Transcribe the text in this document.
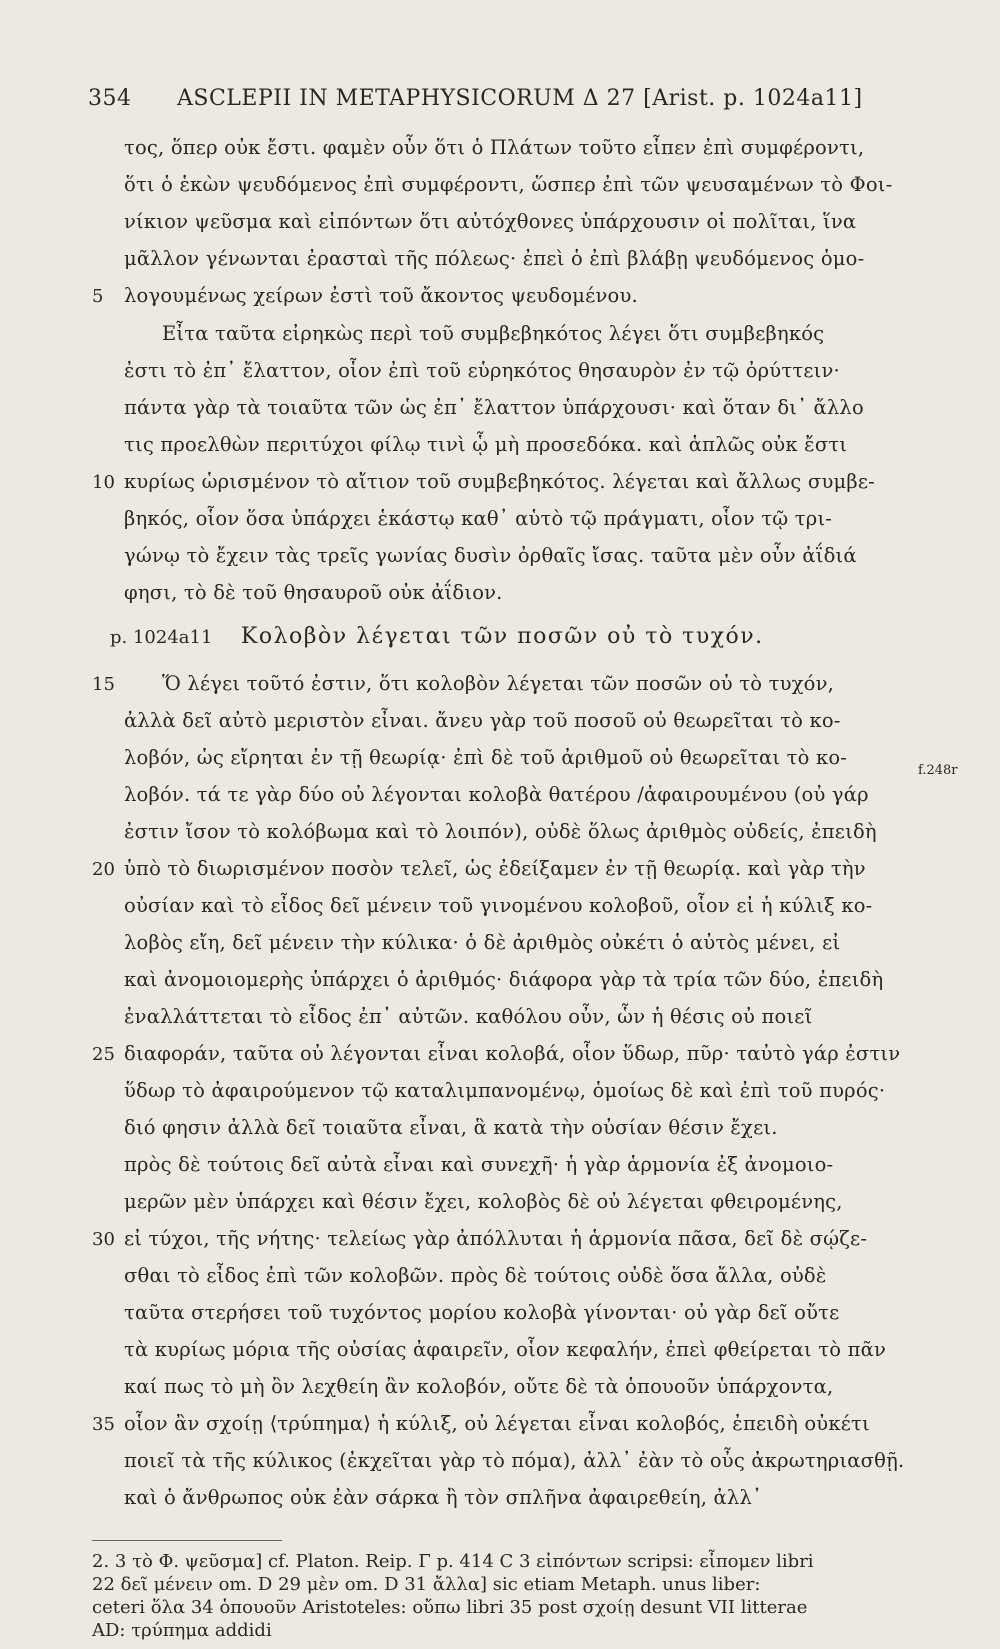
354 ASCLEPII IN METAPHYSICORUM Δ 27 [Arist. p. 1024a11]
τος, ὅπερ οὐκ ἔστι. φαμὲν οὖν ὅτι ὁ Πλάτων τοῦτο εἶπεν ἐπὶ συμφέροντι,
ὅτι ὁ ἑκὼν ψευδόμενος ἐπὶ συμφέροντι, ὥσπερ ἐπὶ τῶν ψευσαμένων τὸ Φοι-
νίκιον ψεῦσμα καὶ εἰπόντων ὅτι αὐτόχθονες ὑπάρχουσιν οἱ πολῖται, ἵνα
μᾶλλον γένωνται ἐρασταὶ τῆς πόλεως· ἐπεὶ ὁ ἐπὶ βλάβῃ ψευδόμενος ὁμο-
λογουμένως χείρων ἐστὶ τοῦ ἄκοντος ψευδομένου.
5
Εἶτα ταῦτα εἰρηκὼς περὶ τοῦ συμβεβηκότος λέγει ὅτι συμβεβηκός
ἐστι τὸ ἐπ᾽ ἔλαττον, οἷον ἐπὶ τοῦ εὑρηκότος θησαυρὸν ἐν τῷ ὀρύττειν·
πάντα γὰρ τὰ τοιαῦτα τῶν ὡς ἐπ᾽ ἔλαττον ὑπάρχουσι· καὶ ὅταν δι᾽ ἄλλο
τις προελθὼν περιτύχοι φίλῳ τινὶ ᾧ μὴ προσεδόκα. καὶ ἁπλῶς οὐκ ἔστι
κυρίως ὡρισμένον τὸ αἴτιον τοῦ συμβεβηκότος. λέγεται καὶ ἄλλως συμβε-
10
βηκός, οἷον ὅσα ὑπάρχει ἑκάστῳ καθ᾽ αὑτὸ τῷ πράγματι, οἷον τῷ τρι-
γώνῳ τὸ ἔχειν τὰς τρεῖς γωνίας δυσὶν ὀρθαῖς ἴσας. ταῦτα μὲν οὖν ἀΐδιά
φησι, τὸ δὲ τοῦ θησαυροῦ οὐκ ἀΐδιον.
p. 1024a11 Κολοβὸν λέγεται τῶν ποσῶν οὐ τὸ τυχόν.
Ὅ λέγει τοῦτό ἐστιν, ὅτι κολοβὸν λέγεται τῶν ποσῶν οὐ τὸ τυχόν,
15
ἀλλὰ δεῖ αὐτὸ μεριστὸν εἶναι. ἄνευ γὰρ τοῦ ποσοῦ οὐ θεωρεῖται τὸ κο-
λοβόν, ὡς εἴρηται ἐν τῇ θεωρίᾳ· ἐπὶ δὲ τοῦ ἀριθμοῦ οὐ θεωρεῖται τὸ κο-
λοβόν. τά τε γὰρ δύο οὐ λέγονται κολοβὰ θατέρου /ἀφαιρουμένου (οὐ γάρ
f.248r
ἐστιν ἴσον τὸ κολόβωμα καὶ τὸ λοιπόν), οὐδὲ ὅλως ἀριθμὸς οὐδείς, ἐπειδὴ
ὑπὸ τὸ διωρισμένον ποσὸν τελεῖ, ὡς ἐδείξαμεν ἐν τῇ θεωρίᾳ. καὶ γὰρ τὴν
20
οὐσίαν καὶ τὸ εἶδος δεῖ μένειν τοῦ γινομένου κολοβοῦ, οἷον εἰ ἡ κύλιξ κο-
λοβὸς εἴη, δεῖ μένειν τὴν κύλικα· ὁ δὲ ἀριθμὸς οὐκέτι ὁ αὐτὸς μένει, εἰ
καὶ ἀνομοιομερὴς ὑπάρχει ὁ ἀριθμός· διάφορα γὰρ τὰ τρία τῶν δύο, ἐπειδὴ
ἐναλλάττεται τὸ εἶδος ἐπ᾽ αὐτῶν. καθόλου οὖν, ὧν ἡ θέσις οὐ ποιεῖ
διαφοράν, ταῦτα οὐ λέγονται εἶναι κολοβά, οἷον ὕδωρ, πῦρ· ταὐτὸ γάρ ἐστιν
25
ὕδωρ τὸ ἀφαιρούμενον τῷ καταλιμπανομένῳ, ὁμοίως δὲ καὶ ἐπὶ τοῦ πυρός·
διό φησιν ἀλλὰ δεῖ τοιαῦτα εἶναι, ἃ κατὰ τὴν οὐσίαν θέσιν ἔχει.
πρὸς δὲ τούτοις δεῖ αὐτὰ εἶναι καὶ συνεχῆ· ἡ γὰρ ἁρμονία ἐξ ἀνομοιο-
μερῶν μὲν ὑπάρχει καὶ θέσιν ἔχει, κολοβὸς δὲ οὐ λέγεται φθειρομένης,
εἰ τύχοι, τῆς νήτης· τελείως γὰρ ἀπόλλυται ἡ ἁρμονία πᾶσα, δεῖ δὲ σῴζε-
30
σθαι τὸ εἶδος ἐπὶ τῶν κολοβῶν. πρὸς δὲ τούτοις οὐδὲ ὅσα ἄλλα, οὐδὲ
ταῦτα στερήσει τοῦ τυχόντος μορίου κολοβὰ γίνονται· οὐ γὰρ δεῖ οὔτε
τὰ κυρίως μόρια τῆς οὐσίας ἀφαιρεῖν, οἷον κεφαλήν, ἐπεὶ φθείρεται τὸ πᾶν
καί πως τὸ μὴ ὂν λεχθείη ἂν κολοβόν, οὔτε δὲ τὰ ὁπουοῦν ὑπάρχοντα,
οἷον ἂν σχοίῃ ⟨τρύπημα⟩ ἡ κύλιξ, οὐ λέγεται εἶναι κολοβός, ἐπειδὴ οὐκέτι
35
ποιεῖ τὰ τῆς κύλικος (ἐκχεῖται γὰρ τὸ πόμα), ἀλλ᾽ ἐὰν τὸ οὖς ἀκρωτηριασθῇ.
καὶ ὁ ἄνθρωπος οὐκ ἐὰν σάρκα ἢ τὸν σπλῆνα ἀφαιρεθείη, ἀλλ᾽
2. 3 τὸ Φ. ψεῦσμα] cf. Platon. Reip. Γ p. 414 C 3 εἰπόντων scripsi: εἶπομεν libri
22 δεῖ μένειν om. D 29 μὲν om. D 31 ἄλλα] sic etiam Metaph. unus liber:
ceteri ὅλα 34 ὁπουοῦν Aristoteles: οὔπω libri 35 post σχοίῃ desunt VII litterae
AD: τρύπημα addidi
